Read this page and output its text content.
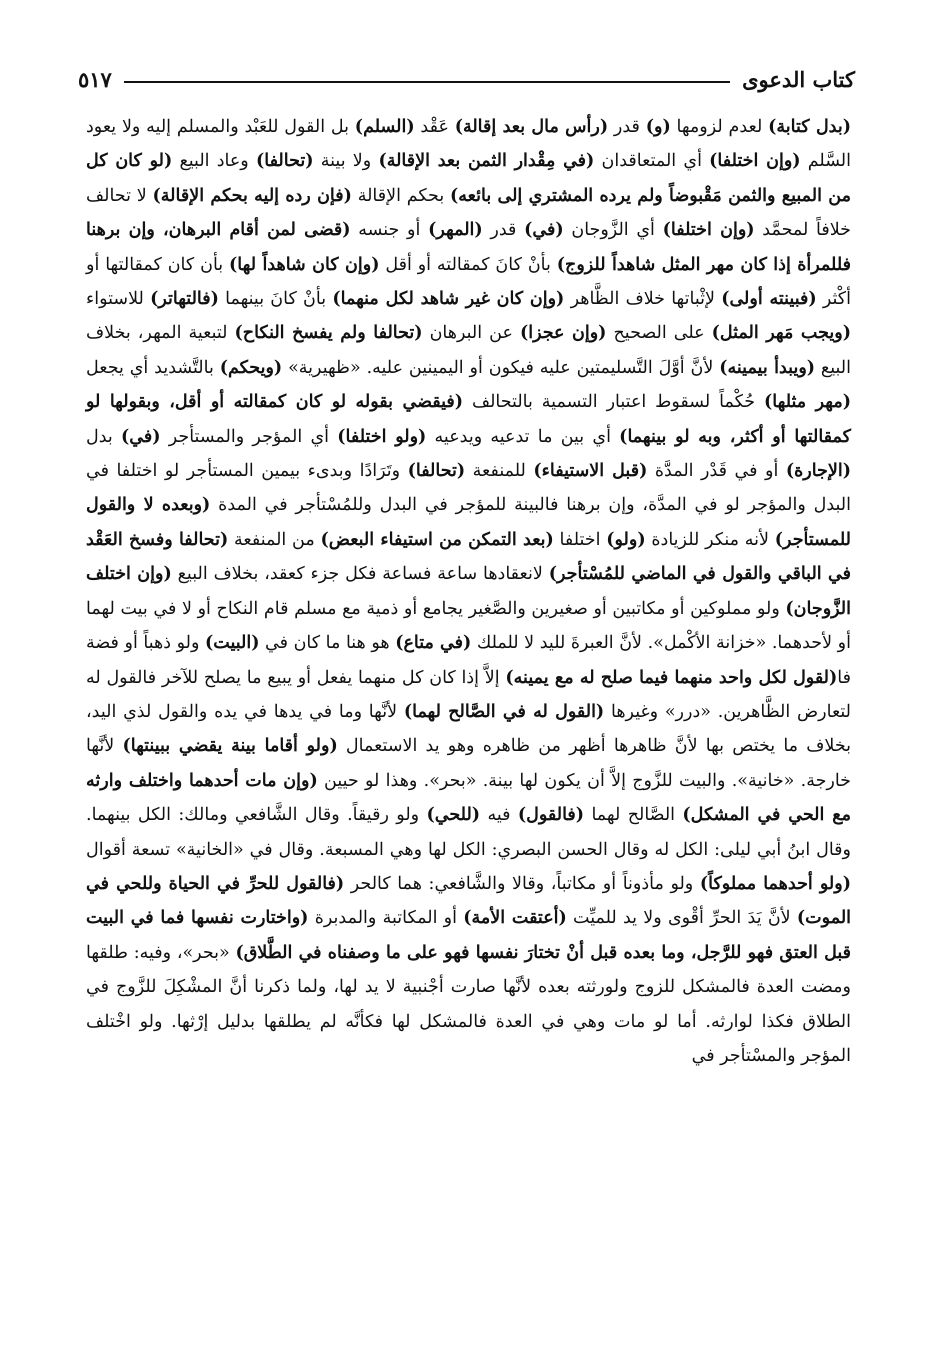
كتاب الدعوى
٥١٧

(بدل كتابة) لعدم لزومها (و) قدر (رأس مال بعد إقالة) عَقْد (السلم) بل القول للعَبْد والمسلم إليه ولا يعود السَّلم (وإن اختلفا) أي المتعاقدان (في مِقْدار الثمن بعد الإقالة) ولا بينة (تحالفا) وعاد البيع (لو كان كل من المبيع والثمن مَقْبوضاً ولم يرده المشتري إلى بائعه) بحكم الإقالة (فإن رده إليه بحكم الإقالة) لا تحالف خلافاً لمحمَّد (وإن اختلفا) أي الزَّوجان (في) قدر (المهر) أو جنسه (قضى لمن أقام البرهان، وإن برهنا فللمرأة إذا كان مهر المثل شاهداً للزوج) بأنْ كانَ كمقالته أو أقل (وإن كان شاهداً لها) بأن كان كمقالتها أو أكْثر (فبينته أولى) لإثْباتها خلاف الظَّاهر (وإن كان غير شاهد لكل منهما) بأنْ كانَ بينهما (فالتهاتر) للاستواء (ويجب مَهر المثل) على الصحيح (وإن عجزا) عن البرهان (تحالفا ولم يفسخ النكاح) لتبعية المهر، بخلاف البيع (ويبدأ بيمينه) لأنَّ أوَّلَ التَّسليمتين عليه فيكون أو اليمينين عليه. «ظهيرية» (ويحكم) بالتَّشديد أي يجعل (مهر مثلها) حُكْماً لسقوط اعتبار التسمية بالتحالف (فيقضي بقوله لو كان كمقالته أو أقل، وبقولها لو كمقالتها أو أكثر، وبه لو بينهما) أي بين ما تدعيه ويدعيه (ولو اختلفا) أي المؤجر والمستأجر (في) بدل (الإجارة) أو في قَدْر المدَّة (قبل الاستيفاء) للمنفعة (تحالفا) وتَرَادًا وبدىء بيمين المستأجر لو اختلفا في البدل والمؤجر لو في المدَّة، وإن برهنا فالبينة للمؤجر في البدل وللمُسْتأجر في المدة (وبعده لا والقول للمستأجر) لأنه منكر للزيادة (ولو) اختلفا (بعد التمكن من استيفاء البعض) من المنفعة (تحالفا وفسخ العَقْد في الباقي والقول في الماضي للمُسْتأجر) لانعقادها ساعة فساعة فكل جزء كعقد، بخلاف البيع (وإن اختلف الزَّوجان) ولو مملوكين أو مكاتبين أو صغيرين والصَّغير يجامع أو ذمية مع مسلم قام النكاح أو لا في بيت لهما أو لأحدهما. «خزانة الأكْمل». لأنَّ العبرةَ لليد لا للملك (في متاع) هو هنا ما كان في (البيت) ولو ذهباً أو فضة فا(لقول لكل واحد منهما فيما صلح له مع يمينه) إلاَّ إذا كان كل منهما يفعل أو يبيع ما يصلح للآخر فالقول له لتعارض الظَّاهرين. «درر» وغيرها (القول له في الصَّالح لهما) لأنَّها وما في يدها في يده والقول لذي اليد، بخلاف ما يختص بها لأنَّ ظاهرها أظهر من ظاهره وهو يد الاستعمال (ولو أقاما بينة يقضي ببينتها) لأنَّها خارجة. «خانية». والبيت للزَّوج إلاَّ أن يكون لها بينة. «بحر». وهذا لو حيين (وإن مات أحدهما واختلف وارثه مع الحي في المشكل) الصَّالح لهما (فالقول) فيه (للحي) ولو رقيقاً. وقال الشَّافعي ومالك: الكل بينهما. وقال ابنُ أبي ليلى: الكل له وقال الحسن البصري: الكل لها وهي المسبعة. وقال في «الخانية» تسعة أقوال (ولو أحدهما مملوكاً) ولو مأذوناً أو مكاتباً، وقالا والشَّافعي: هما كالحر (فالقول للحرِّ في الحياة وللحي في الموت) لأنَّ يَدَ الحرِّ أقْوى ولا يد للميِّت (أعتقت الأمة) أو المكاتبة والمدبرة (واختارت نفسها فما في البيت قبل العتق فهو للرَّجل، وما بعده قبل أنْ تختارَ نفسها فهو على ما وصفناه في الطَّلاق) «بحر»، وفيه: طلقها ومضت العدة فالمشكل للزوج ولورثته بعده لأنَّها صارت أجْنبية لا يد لها، ولما ذكرنا أنَّ المشْكِلَ للزَّوج في الطلاق فكذا لوارثه. أما لو مات وهي في العدة فالمشكل لها فكأنَّه لم يطلقها بدليل إرْثها. ولو اخْتلف المؤجر والمسْتأجر في
